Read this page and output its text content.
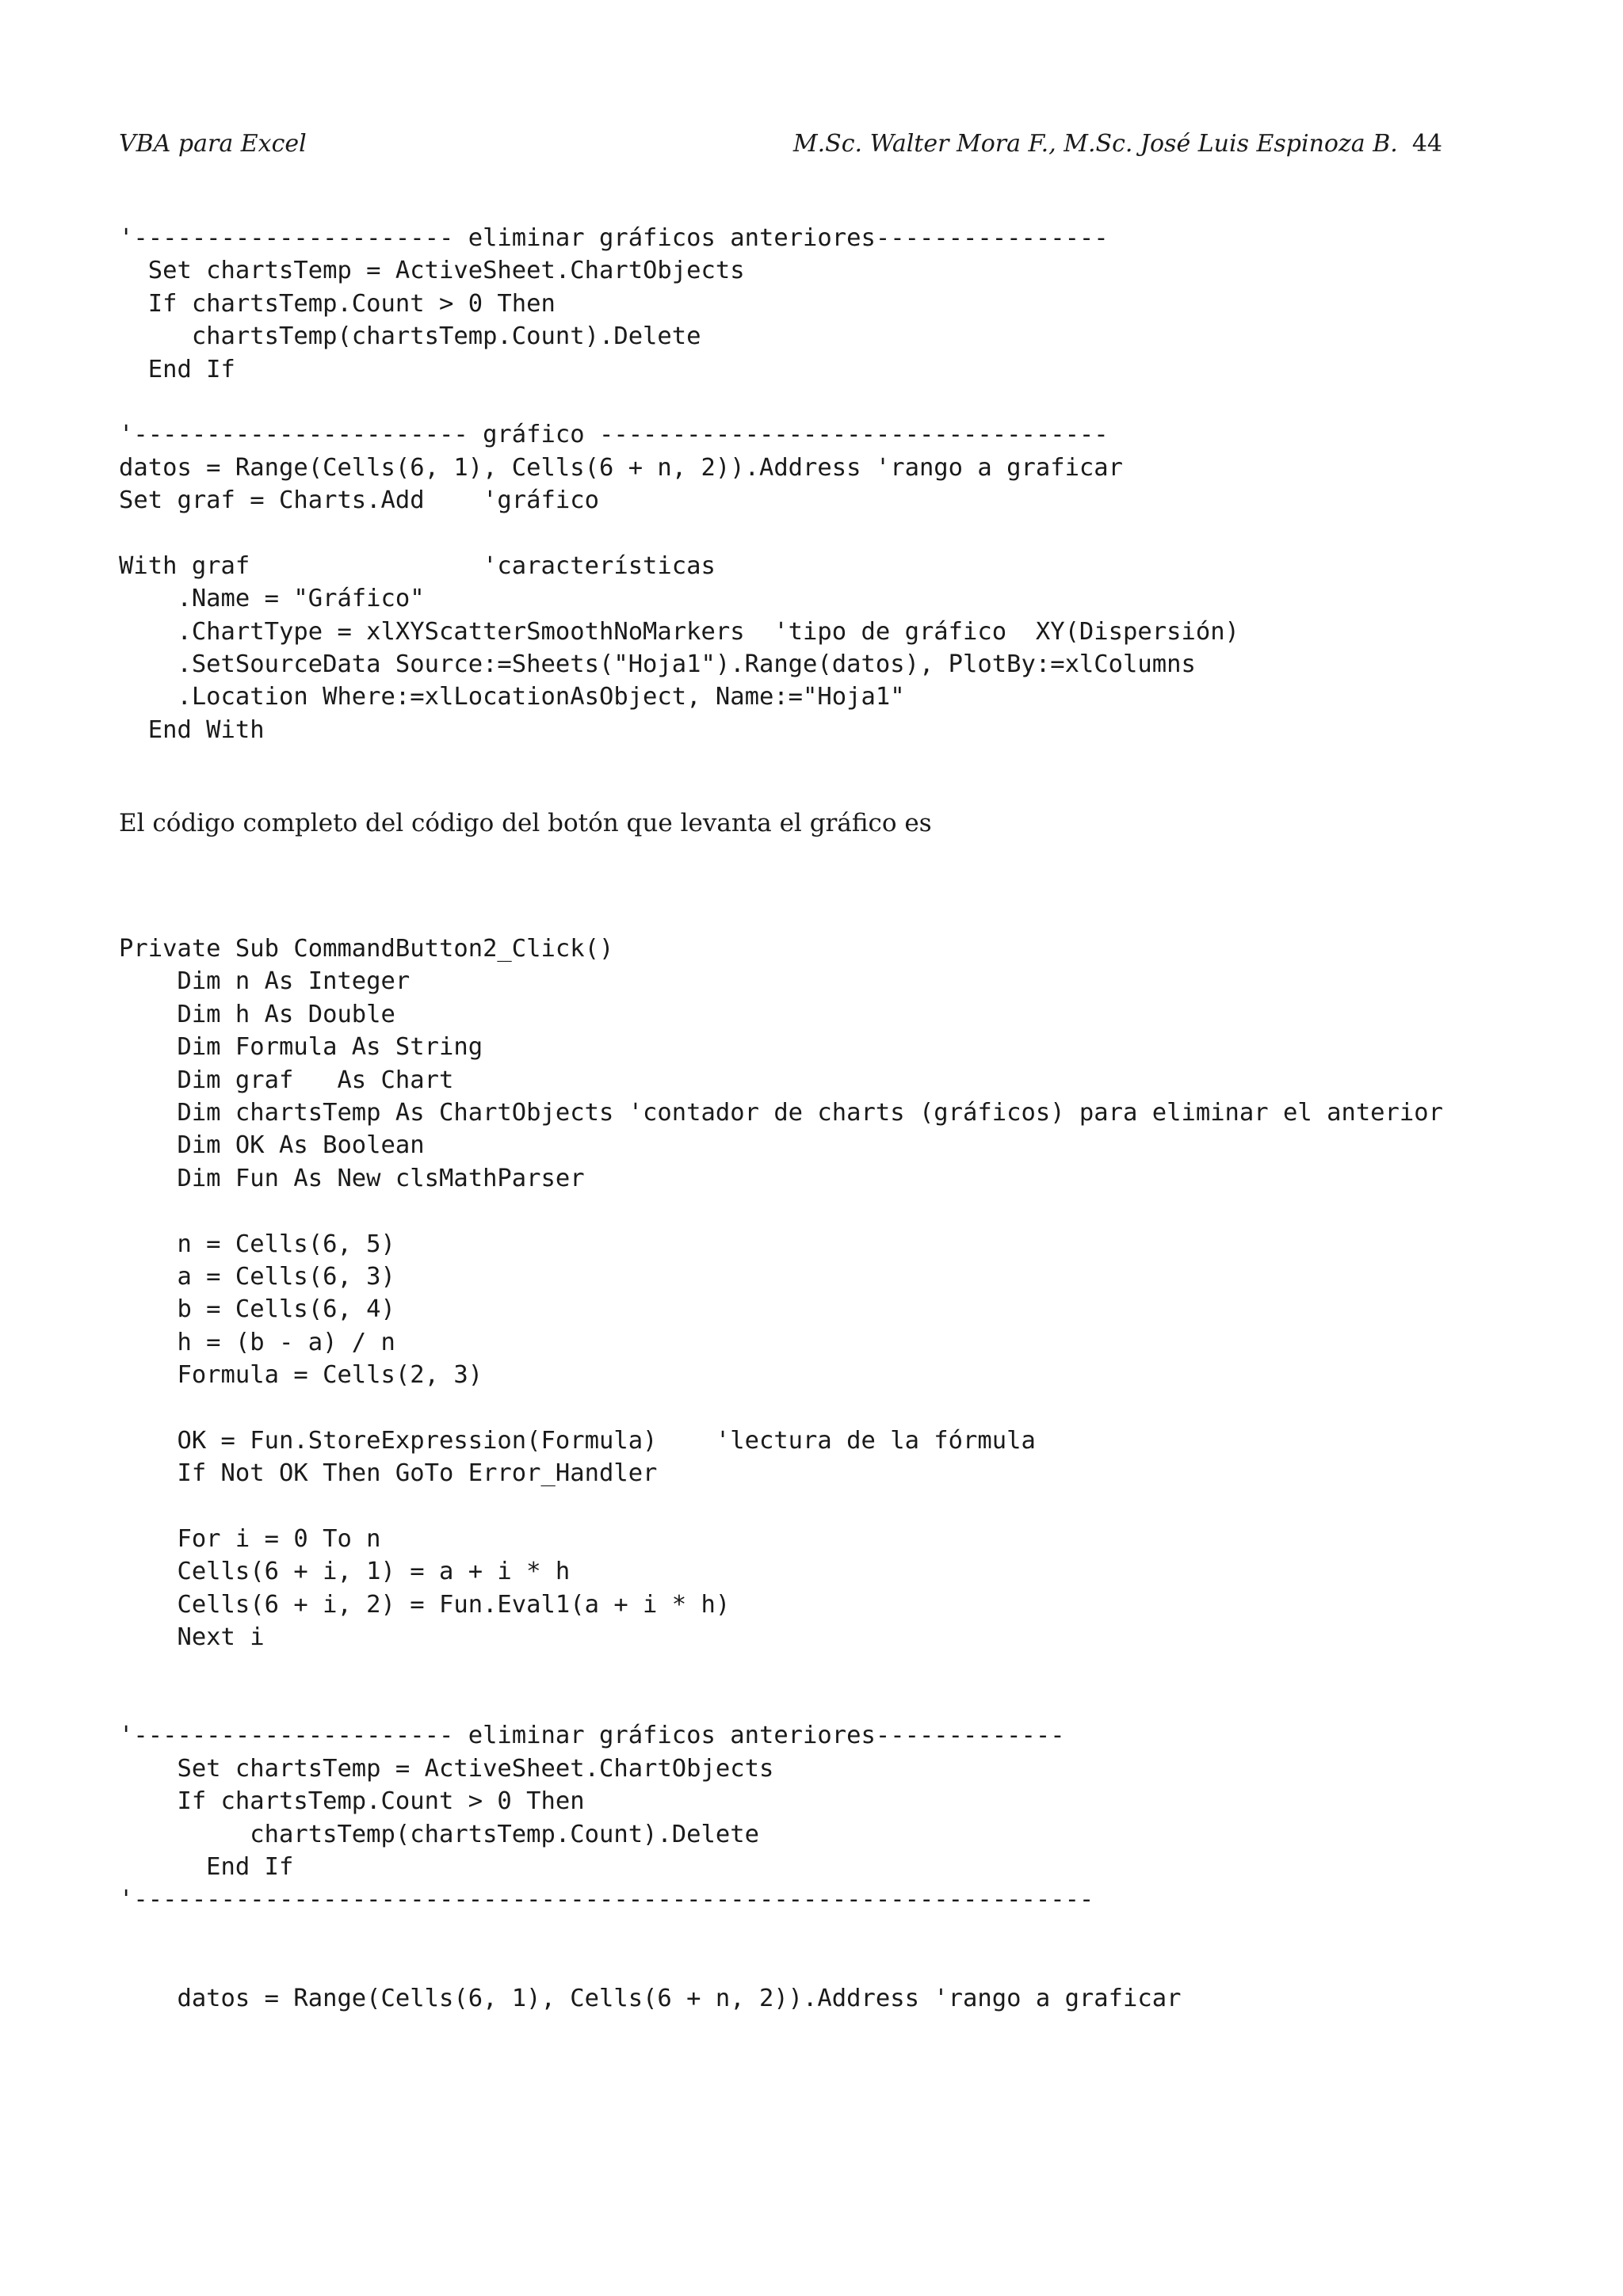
VBA para Excel	M.Sc. Walter Mora F., M.Sc. José Luis Espinoza B. 44
'---------------------- eliminar gráficos anteriores----------------
Set chartsTemp = ActiveSheet.ChartObjects
If chartsTemp.Count > 0 Then
chartsTemp(chartsTemp.Count).Delete
End If
'----------------------- gráfico -----------------------------------
datos = Range(Cells(6, 1), Cells(6 + n, 2)).Address 'rango a graficar
Set graf = Charts.Add    'gráfico
With graf                'características
.Name = "Gráfico"
.ChartType = xlXYScatterSmoothNoMarkers  'tipo de gráfico  XY(Dispersión)
.SetSourceData Source:=Sheets("Hoja1").Range(datos), PlotBy:=xlColumns
.Location Where:=xlLocationAsObject, Name:="Hoja1"
End With

El código completo del código del botón que levanta el gráfico es

Private Sub CommandButton2_Click()
Dim n As Integer
Dim h As Double
Dim Formula As String
Dim graf   As Chart
Dim chartsTemp As ChartObjects 'contador de charts (gráficos) para eliminar el anterior
Dim OK As Boolean
Dim Fun As New clsMathParser
n = Cells(6, 5)
a = Cells(6, 3)
b = Cells(6, 4)
h = (b - a) / n
Formula = Cells(2, 3)
OK = Fun.StoreExpression(Formula)    'lectura de la fórmula
If Not OK Then GoTo Error_Handler
For i = 0 To n
Cells(6 + i, 1) = a + i * h
Cells(6 + i, 2) = Fun.Eval1(a + i * h)
Next i
'---------------------- eliminar gráficos anteriores-------------
Set chartsTemp = ActiveSheet.ChartObjects
If chartsTemp.Count > 0 Then
chartsTemp(chartsTemp.Count).Delete
End If
'------------------------------------------------------------------
datos = Range(Cells(6, 1), Cells(6 + n, 2)).Address 'rango a graficar
